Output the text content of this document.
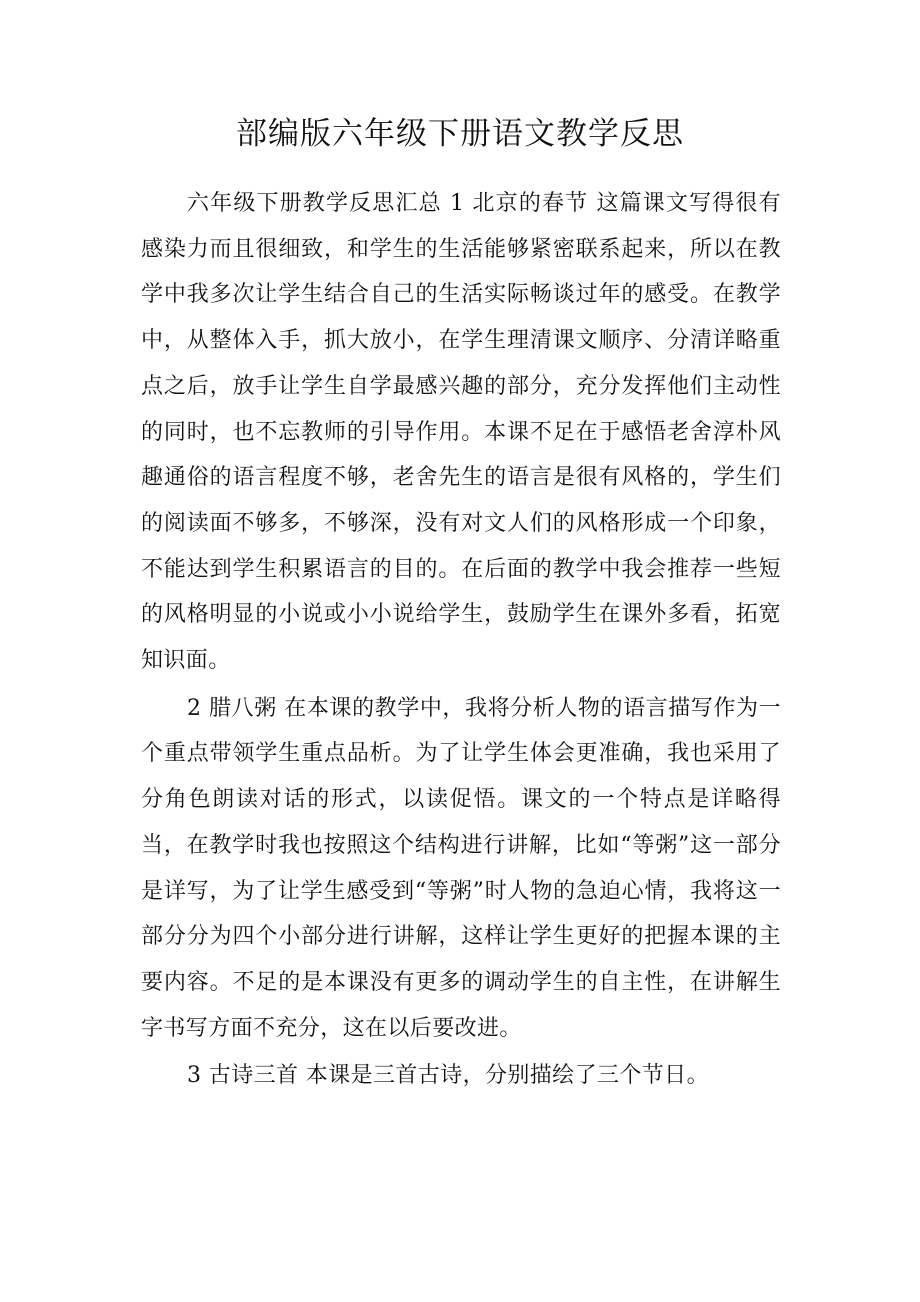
部编版六年级下册语文教学反思

六年级下册教学反思汇总 1 北京的春节 这篇课文写得很有感染力而且很细致，和学生的生活能够紧密联系起来，所以在教学中我多次让学生结合自己的生活实际畅谈过年的感受。在教学中，从整体入手，抓大放小，在学生理清课文顺序、分清详略重点之后，放手让学生自学最感兴趣的部分，充分发挥他们主动性的同时，也不忘教师的引导作用。本课不足在于感悟老舍淳朴风趣通俗的语言程度不够，老舍先生的语言是很有风格的，学生们的阅读面不够多，不够深，没有对文人们的风格形成一个印象，不能达到学生积累语言的目的。在后面的教学中我会推荐一些短的风格明显的小说或小小说给学生，鼓励学生在课外多看，拓宽知识面。

2 腊八粥 在本课的教学中，我将分析人物的语言描写作为一个重点带领学生重点品析。为了让学生体会更准确，我也采用了分角色朗读对话的形式，以读促悟。课文的一个特点是详略得当，在教学时我也按照这个结构进行讲解，比如“等粥”这一部分是详写，为了让学生感受到“等粥”时人物的急迫心情，我将这一部分分为四个小部分进行讲解，这样让学生更好的把握本课的主要内容。不足的是本课没有更多的调动学生的自主性，在讲解生字书写方面不充分，这在以后要改进。

3 古诗三首 本课是三首古诗，分别描绘了三个节日。
